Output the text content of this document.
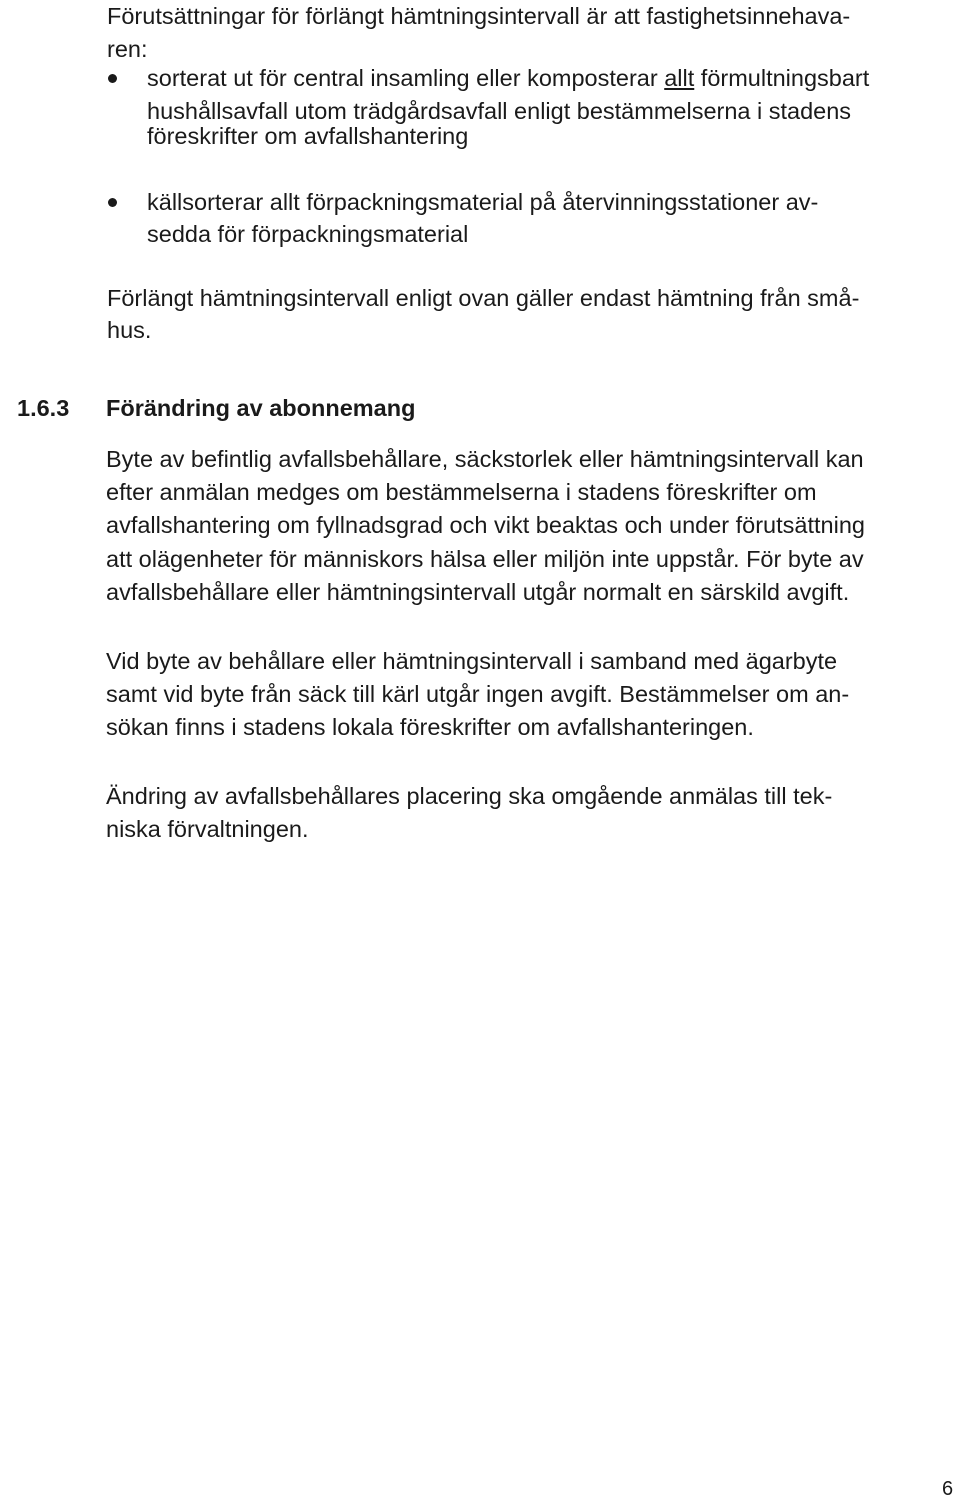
Förutsättningar för förlängt hämtningsintervall är att fastighetsinnehava-
ren:
sorterat ut för central insamling eller komposterar allt förmultningsbart
hushållsavfall utom trädgårdsavfall enligt bestämmelserna i stadens
föreskrifter om avfallshantering
källsorterar allt förpackningsmaterial på återvinningsstationer av-
sedda för förpackningsmaterial
Förlängt hämtningsintervall enligt ovan gäller endast hämtning från små-
hus.
1.6.3 Förändring av abonnemang
Byte av befintlig avfallsbehållare, säckstorlek eller hämtningsintervall kan
efter anmälan medges om bestämmelserna i stadens föreskrifter om
avfallshantering om fyllnadsgrad och vikt beaktas och under förutsättning
att olägenheter för människors hälsa eller miljön inte uppstår. För byte av
avfallsbehållare eller hämtningsintervall utgår normalt en särskild avgift.
Vid byte av behållare eller hämtningsintervall i samband med ägarbyte
samt vid byte från säck till kärl utgår ingen avgift. Bestämmelser om an-
sökan finns i stadens lokala föreskrifter om avfallshanteringen.
Ändring av avfallsbehållares placering ska omgående anmälas till tek-
niska förvaltningen.
6
